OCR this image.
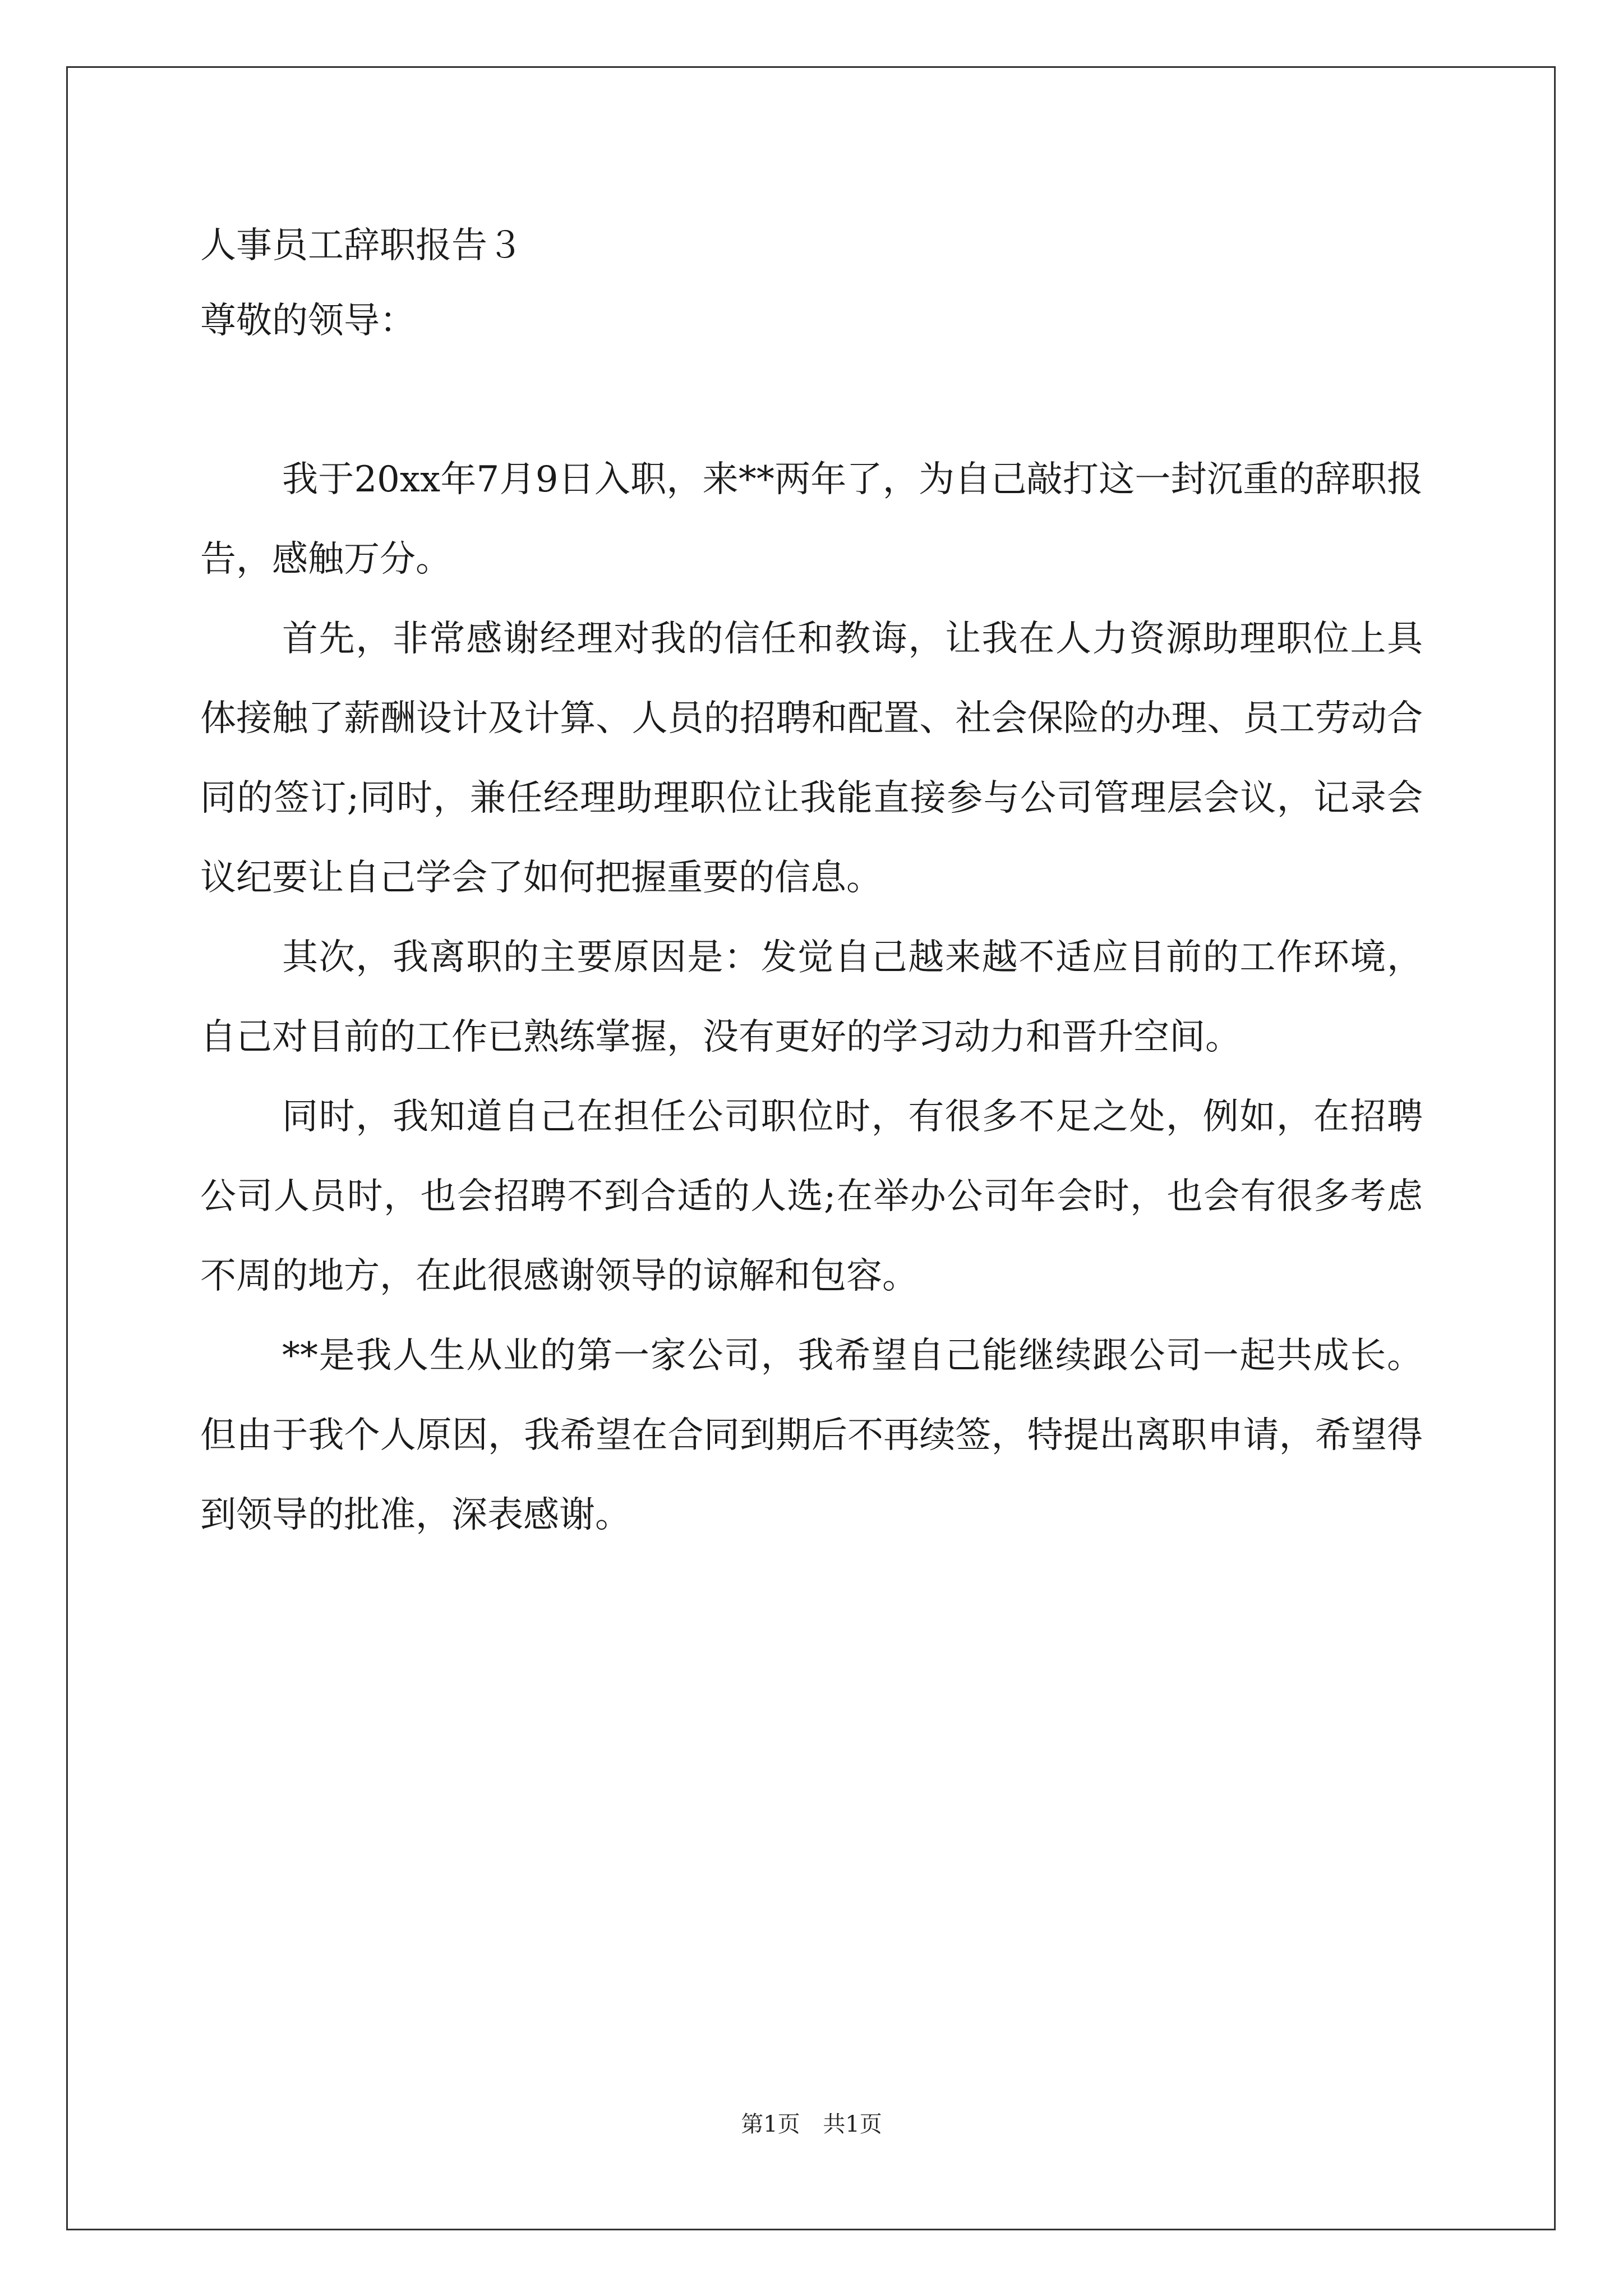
人事员工辞职报告３
尊敬的领导：

我于20xx年7月9日入职，来**两年了，为自己敲打这一封沉重的辞职报告，感触万分。

首先，非常感谢经理对我的信任和教诲，让我在人力资源助理职位上具体接触了薪酬设计及计算、人员的招聘和配置、社会保险的办理、员工劳动合同的签订;同时，兼任经理助理职位让我能直接参与公司管理层会议，记录会议纪要让自己学会了如何把握重要的信息。

其次，我离职的主要原因是：发觉自己越来越不适应目前的工作环境，自己对目前的工作已熟练掌握，没有更好的学习动力和晋升空间。

同时，我知道自己在担任公司职位时，有很多不足之处，例如，在招聘公司人员时，也会招聘不到合适的人选;在举办公司年会时，也会有很多考虑不周的地方，在此很感谢领导的谅解和包容。

**是我人生从业的第一家公司，我希望自己能继续跟公司一起共成长。但由于我个人原因，我希望在合同到期后不再续签，特提出离职申请，希望得到领导的批准，深表感谢。

第1页 共1页
